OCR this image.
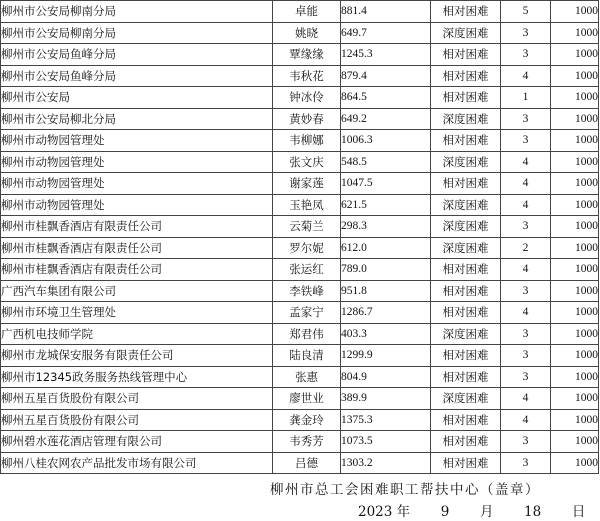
柳州市公安局柳南分局	卓能	881.4	相对困难	5	1000
柳州市公安局柳南分局	姚晓	649.7	深度困难	3	1000
柳州市公安局鱼峰分局	覃缘缘	1245.3	相对困难	3	1000
柳州市公安局鱼峰分局	韦秋花	879.4	相对困难	4	1000
柳州市公安局	钟冰伶	864.5	相对困难	1	1000
柳州市公安局柳北分局	黄妙春	649.2	深度困难	3	1000
柳州市动物园管理处	韦柳娜	1006.3	相对困难	3	1000
柳州市动物园管理处	张文庆	548.5	深度困难	4	1000
柳州市动物园管理处	谢家莲	1047.5	相对困难	4	1000
柳州市动物园管理处	玉艳凤	621.5	深度困难	4	1000
柳州市桂飘香酒店有限责任公司	云菊兰	298.3	深度困难	3	1000
柳州市桂飘香酒店有限责任公司	罗尔妮	612.0	深度困难	2	1000
柳州市桂飘香酒店有限责任公司	张运红	789.0	相对困难	4	1000
广西汽车集团有限公司	李铁峰	951.8	相对困难	3	1000
柳州市环境卫生管理处	孟家宁	1286.7	相对困难	4	1000
广西机电技师学院	郑君伟	403.3	深度困难	3	1000
柳州市龙城保安服务有限责任公司	陆良清	1299.9	相对困难	3	1000
柳州市12345政务服务热线管理中心	张惠	804.9	相对困难	3	1000
柳州五星百货股份有限公司	廖世业	389.9	深度困难	4	1000
柳州五星百货股份有限公司	龚金玲	1375.3	相对困难	4	1000
柳州碧水莲花酒店管理有限公司	韦秀芳	1073.5	相对困难	3	1000
柳州八桂农网农产品批发市场有限公司	吕德	1303.2	相对困难	3	1000

柳州市总工会困难职工帮扶中心（盖章）
2023 年 9 月 18 日
